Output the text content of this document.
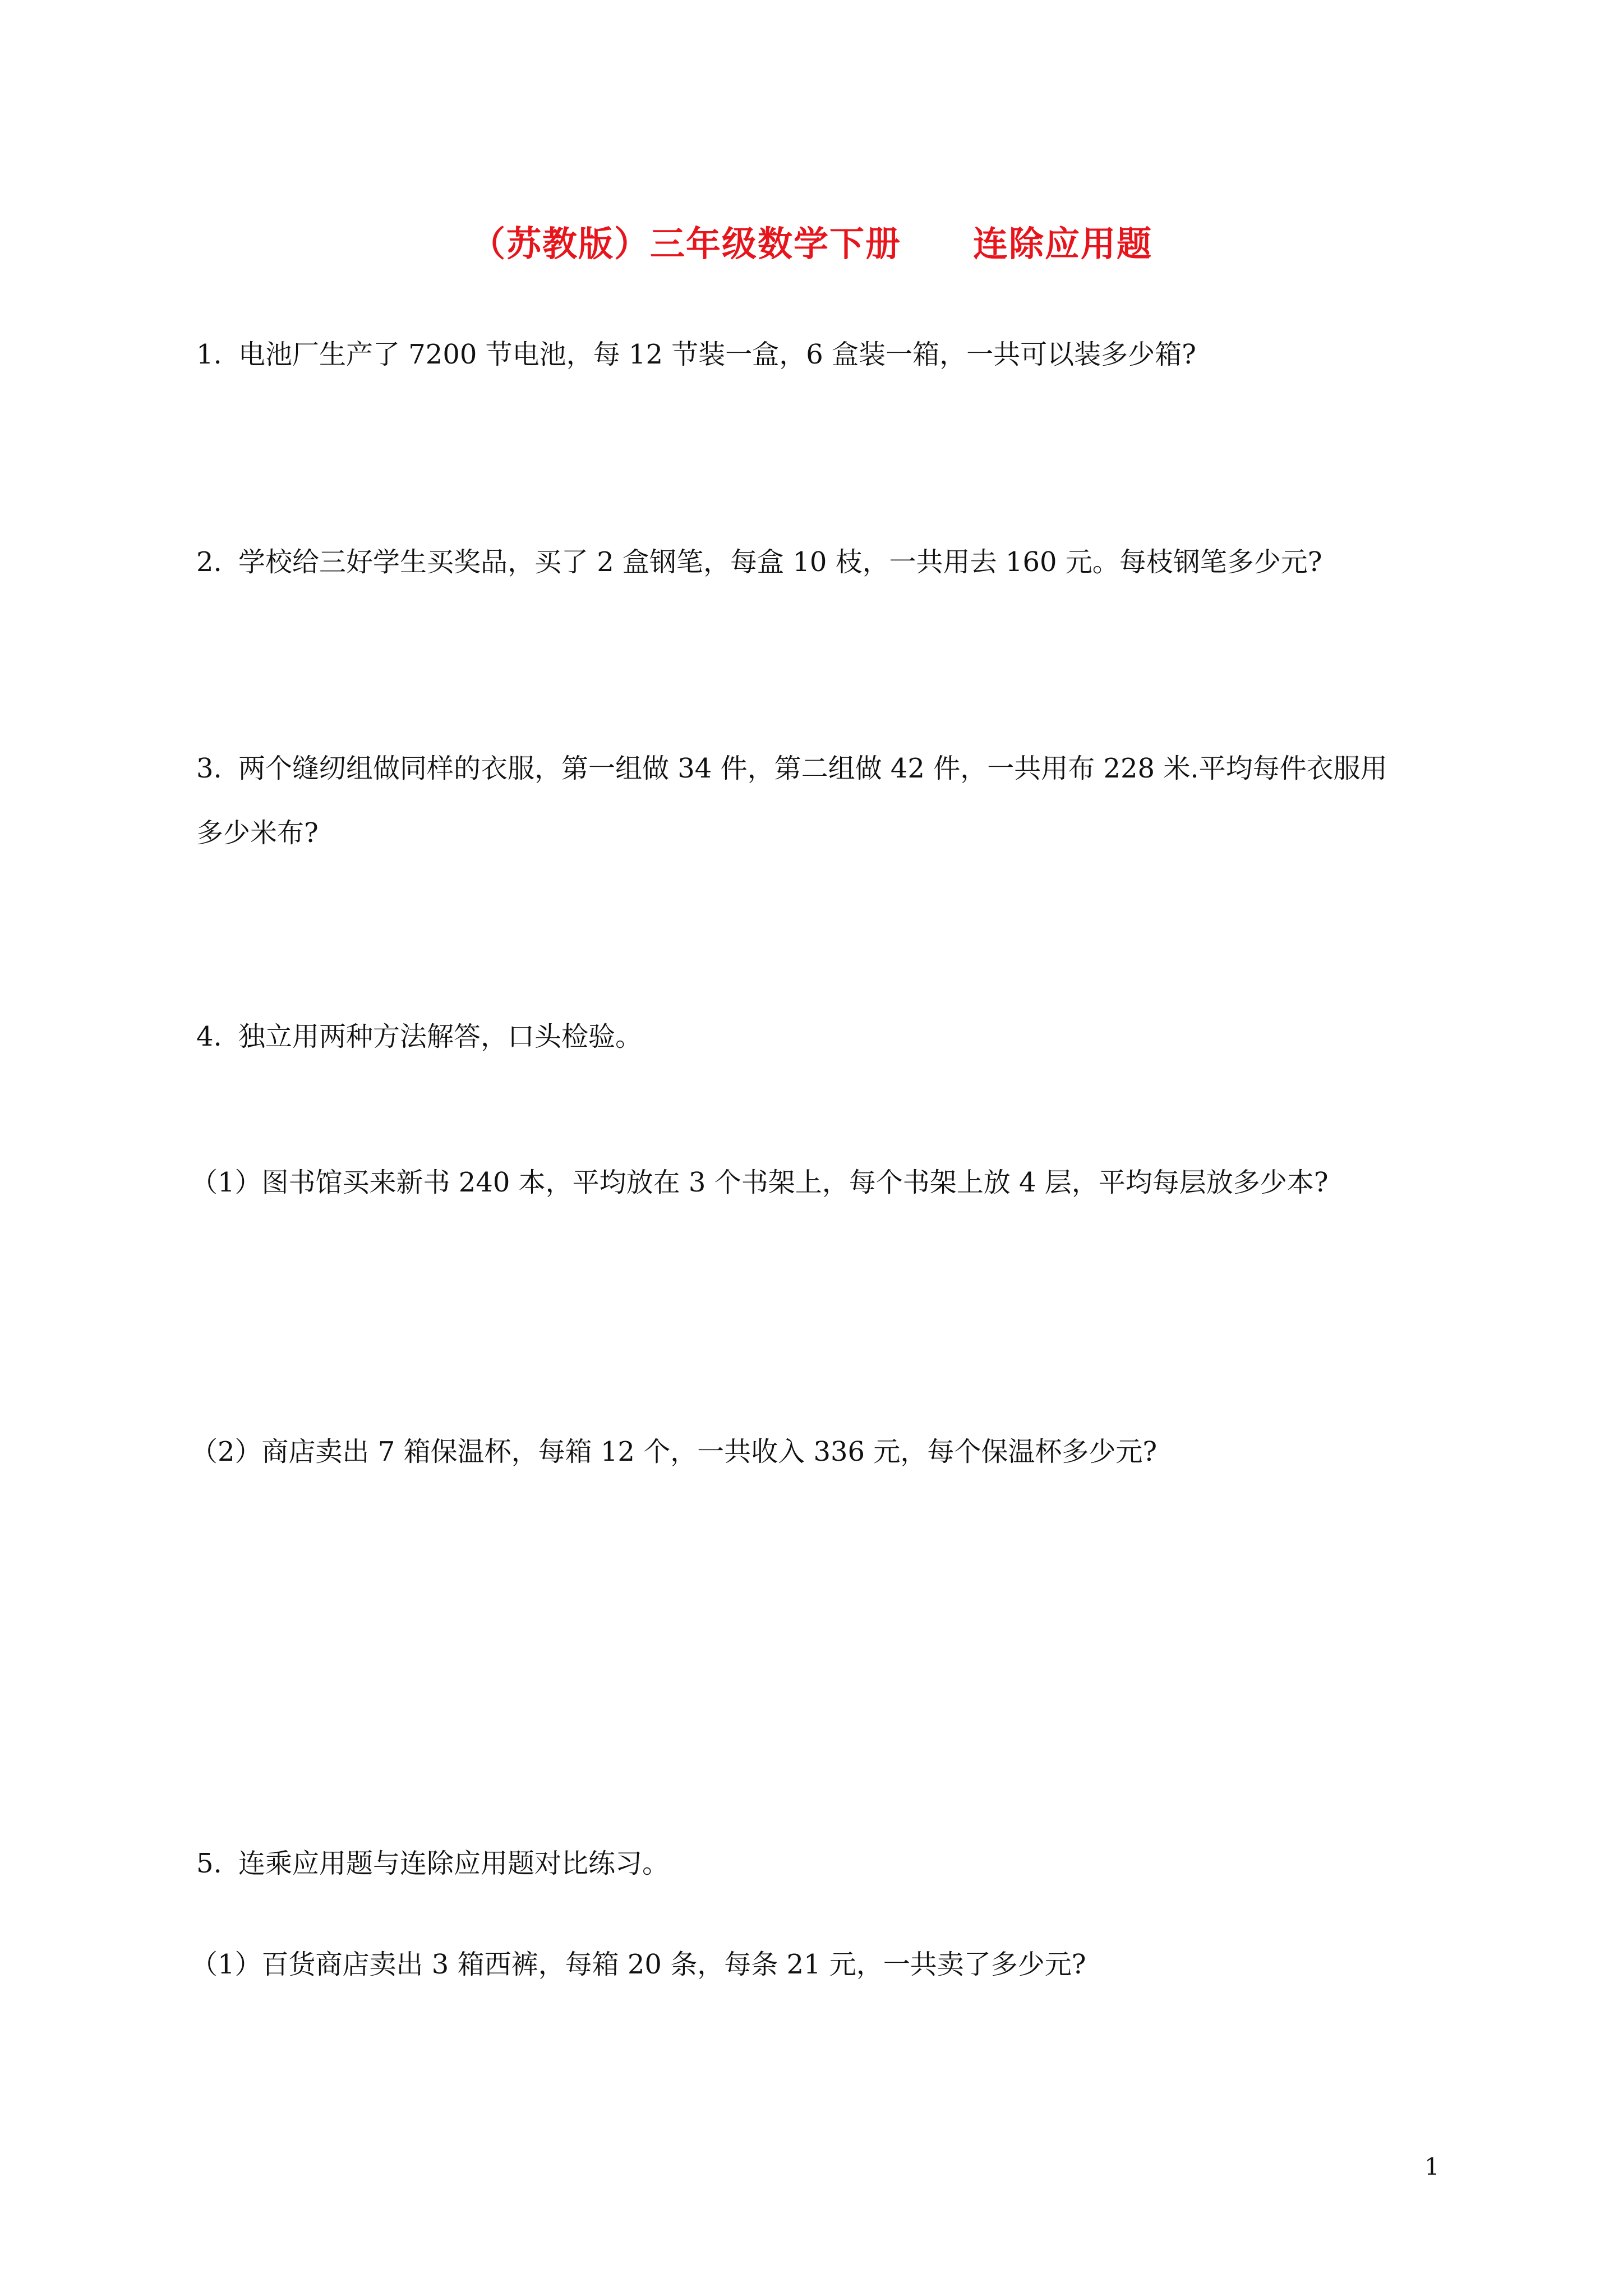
（苏教版）三年级数学下册　　连除应用题
1. 电池厂生产了 7200 节电池，每 12 节装一盒，6 盒装一箱，一共可以装多少箱?
2. 学校给三好学生买奖品，买了 2 盒钢笔，每盒 10 枝，一共用去 160 元。每枝钢笔多少元?
3. 两个缝纫组做同样的衣服，第一组做 34 件，第二组做 42 件，一共用布 228 米.平均每件衣服用
多少米布?
4. 独立用两种方法解答，口头检验。
（1）图书馆买来新书 240 本，平均放在 3 个书架上，每个书架上放 4 层，平均每层放多少本?
（2）商店卖出 7 箱保温杯，每箱 12 个，一共收入 336 元，每个保温杯多少元?
5. 连乘应用题与连除应用题对比练习。
（1）百货商店卖出 3 箱西裤，每箱 20 条，每条 21 元，一共卖了多少元?
1
